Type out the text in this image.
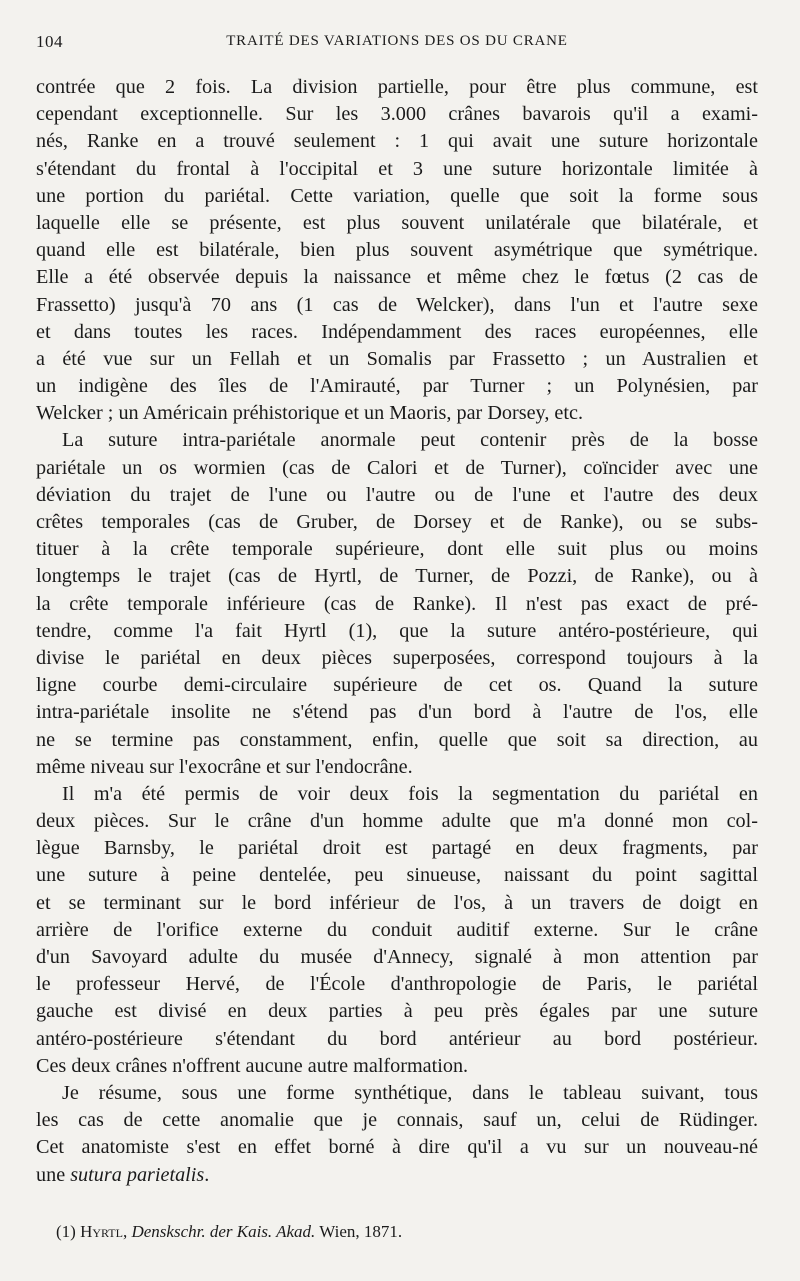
104	TRAITÉ DES VARIATIONS DES OS DU CRANE
contrée que 2 fois. La division partielle, pour être plus commune, est
cependant exceptionnelle. Sur les 3.000 crânes bavarois qu'il a exami-
nés, Ranke en a trouvé seulement : 1 qui avait une suture horizontale
s'étendant du frontal à l'occipital et 3 une suture horizontale limitée à
une portion du pariétal. Cette variation, quelle que soit la forme sous
laquelle elle se présente, est plus souvent unilatérale que bilatérale, et
quand elle est bilatérale, bien plus souvent asymétrique que symétrique.
Elle a été observée depuis la naissance et même chez le fœtus (2 cas de
Frassetto) jusqu'à 70 ans (1 cas de Welcker), dans l'un et l'autre sexe
et dans toutes les races. Indépendamment des races européennes, elle
a été vue sur un Fellah et un Somalis par Frassetto ; un Australien et
un indigène des îles de l'Amirauté, par Turner ; un Polynésien, par
Welcker ; un Américain préhistorique et un Maoris, par Dorsey, etc.
La suture intra-pariétale anormale peut contenir près de la bosse
pariétale un os wormien (cas de Calori et de Turner), coïncider avec une
déviation du trajet de l'une ou l'autre ou de l'une et l'autre des deux
crêtes temporales (cas de Gruber, de Dorsey et de Ranke), ou se subs-
tituer à la crête temporale supérieure, dont elle suit plus ou moins
longtemps le trajet (cas de Hyrtl, de Turner, de Pozzi, de Ranke), ou à
la crête temporale inférieure (cas de Ranke). Il n'est pas exact de pré-
tendre, comme l'a fait Hyrtl (1), que la suture antéro-postérieure, qui
divise le pariétal en deux pièces superposées, correspond toujours à la
ligne courbe demi-circulaire supérieure de cet os. Quand la suture
intra-pariétale insolite ne s'étend pas d'un bord à l'autre de l'os, elle
ne se termine pas constamment, enfin, quelle que soit sa direction, au
même niveau sur l'exocrâne et sur l'endocrâne.
Il m'a été permis de voir deux fois la segmentation du pariétal en
deux pièces. Sur le crâne d'un homme adulte que m'a donné mon col-
lègue Barnsby, le pariétal droit est partagé en deux fragments, par
une suture à peine dentelée, peu sinueuse, naissant du point sagittal
et se terminant sur le bord inférieur de l'os, à un travers de doigt en
arrière de l'orifice externe du conduit auditif externe. Sur le crâne
d'un Savoyard adulte du musée d'Annecy, signalé à mon attention par
le professeur Hervé, de l'École d'anthropologie de Paris, le pariétal
gauche est divisé en deux parties à peu près égales par une suture
antéro-postérieure s'étendant du bord antérieur au bord postérieur.
Ces deux crânes n'offrent aucune autre malformation.
Je résume, sous une forme synthétique, dans le tableau suivant, tous
les cas de cette anomalie que je connais, sauf un, celui de Rüdinger.
Cet anatomiste s'est en effet borné à dire qu'il a vu sur un nouveau-né
une sutura parietalis.
(1) Hyrtl, Denskschr. der Kais. Akad. Wien, 1871.
